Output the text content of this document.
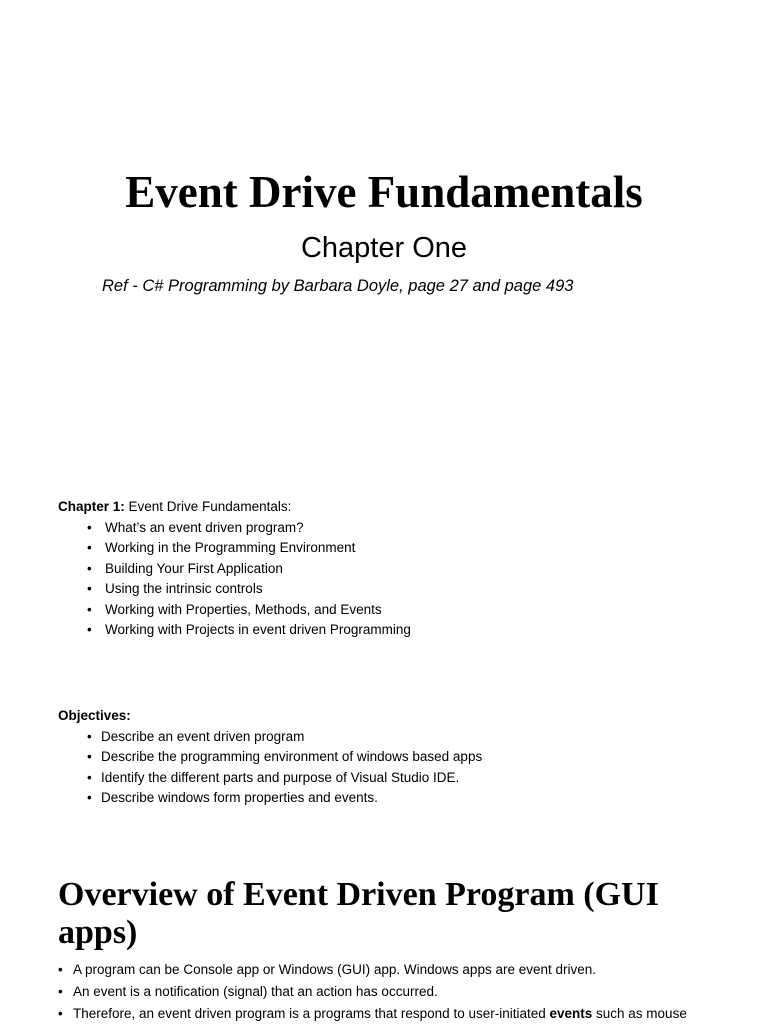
Event Drive Fundamentals

Chapter One

Ref - C# Programming by Barbara Doyle, page 27 and page 493

Chapter 1: Event Drive Fundamentals:

• What’s an event driven program?
• Working in the Programming Environment
• Building Your First Application
• Using the intrinsic controls
• Working with Properties, Methods, and Events
• Working with Projects in event driven Programming

Objectives:

• Describe an event driven program
• Describe the programming environment of windows based apps
• Identify the different parts and purpose of Visual Studio IDE.
• Describe windows form properties and events.
Overview of Event Driven Program (GUI apps)
• A program can be Console app or Windows (GUI) app. Windows apps are event driven.
• An event is a notification (signal) that an action has occurred.
• Therefore, an event driven program is a programs that respond to user-initiated events such as mouse
